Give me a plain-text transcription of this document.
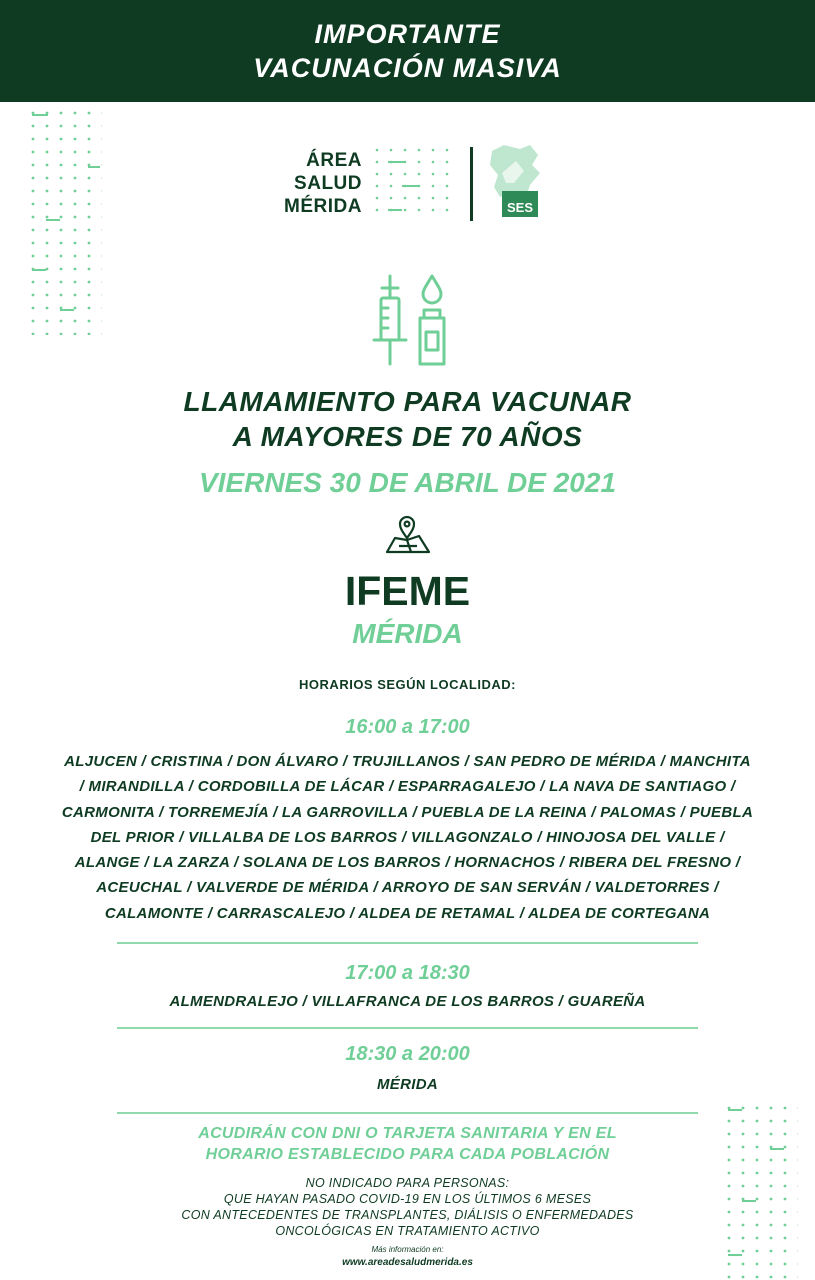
IMPORTANTE
VACUNACIÓN MASIVA
ÁREA
SALUD
MÉRIDA	SES
LLAMAMIENTO PARA VACUNAR
A MAYORES DE 70 AÑOS
VIERNES 30 DE ABRIL DE 2021
IFEME
MÉRIDA
HORARIOS SEGÚN LOCALIDAD:
16:00 a 17:00
ALJUCEN / CRISTINA / DON ÁLVARO / TRUJILLANOS / SAN PEDRO DE MÉRIDA / MANCHITA
/ MIRANDILLA / CORDOBILLA DE LÁCAR / ESPARRAGALEJO / LA NAVA DE SANTIAGO /
CARMONITA / TORREMEJÍA / LA GARROVILLA / PUEBLA DE LA REINA / PALOMAS / PUEBLA
DEL PRIOR / VILLALBA DE LOS BARROS / VILLAGONZALO / HINOJOSA DEL VALLE /
ALANGE / LA ZARZA / SOLANA DE LOS BARROS / HORNACHOS / RIBERA DEL FRESNO /
ACEUCHAL / VALVERDE DE MÉRIDA / ARROYO DE SAN SERVÁN / VALDETORRES /
CALAMONTE / CARRASCALEJO / ALDEA DE RETAMAL / ALDEA DE CORTEGANA
17:00 a 18:30
ALMENDRALEJO / VILLAFRANCA DE LOS BARROS / GUAREÑA
18:30 a 20:00
MÉRIDA
ACUDIRÁN CON DNI O TARJETA SANITARIA Y EN EL
HORARIO ESTABLECIDO PARA CADA POBLACIÓN
NO INDICADO PARA PERSONAS:
QUE HAYAN PASADO COVID-19 EN LOS ÚLTIMOS 6 MESES
CON ANTECEDENTES DE TRANSPLANTES, DIÁLISIS O ENFERMEDADES
ONCOLÓGICAS EN TRATAMIENTO ACTIVO
Más información en:
www.areadesaludmerida.es
